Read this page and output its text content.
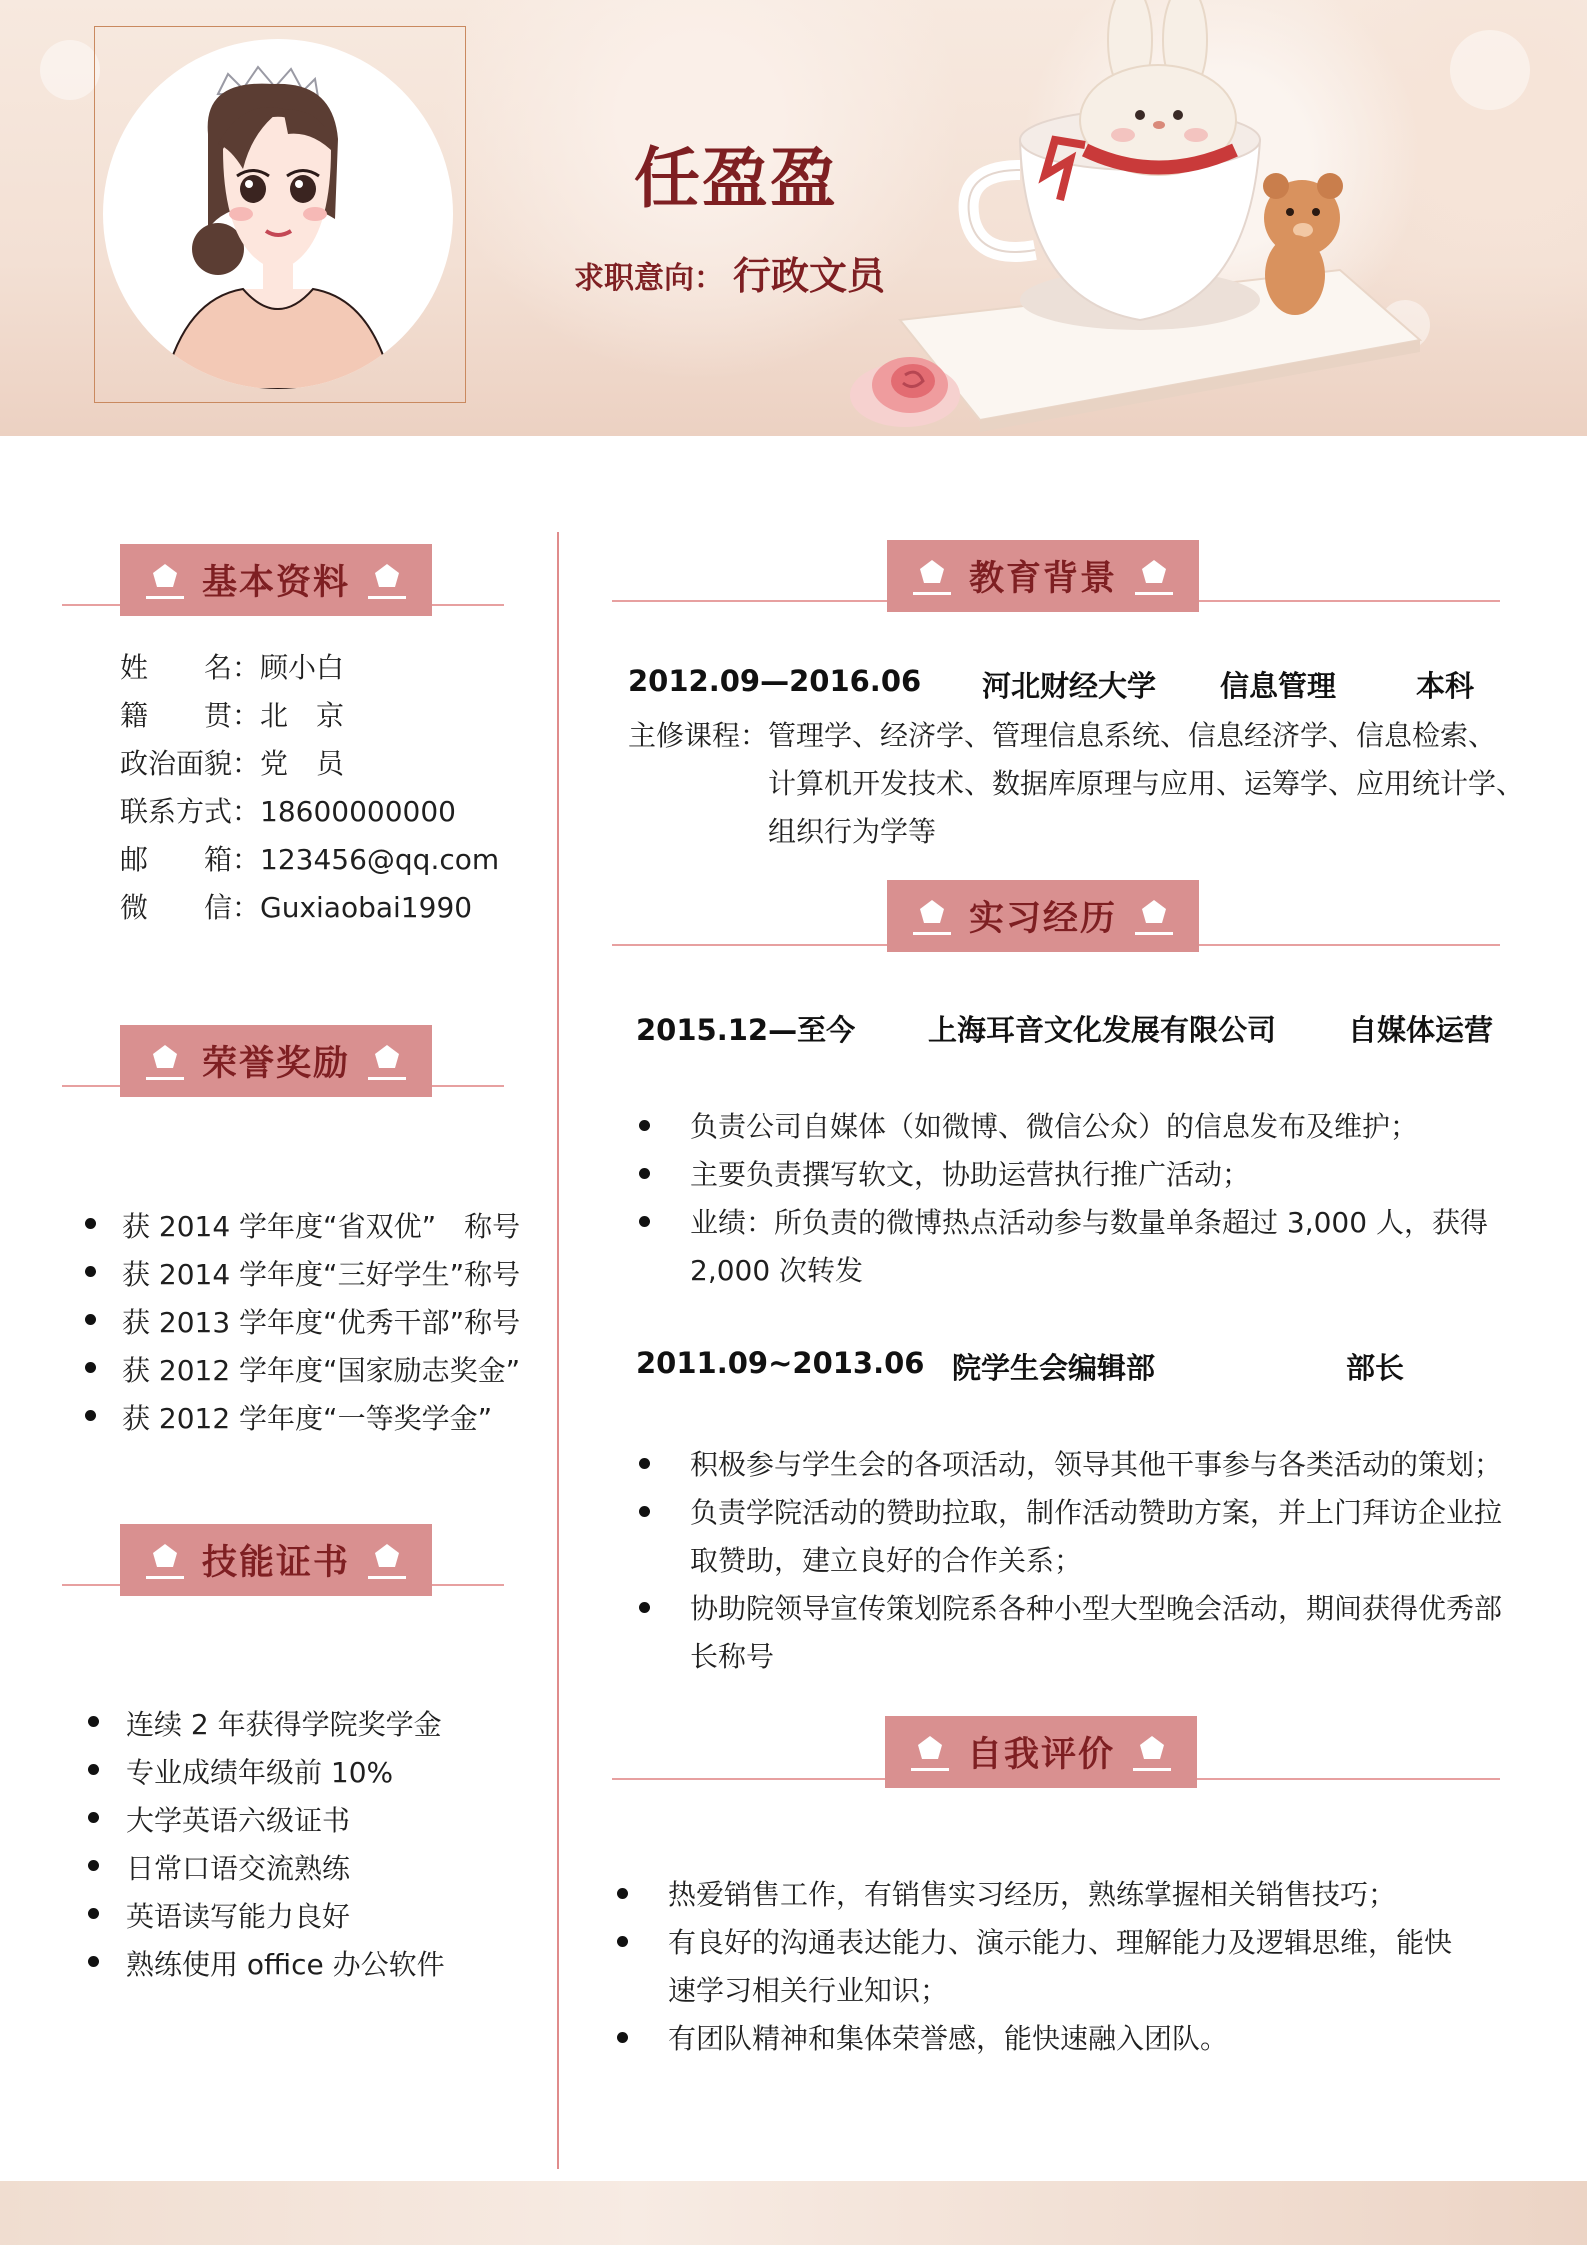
任盈盈
求职意向： 行政文员
基本资料
荣誉奖励
技能证书
教育背景
实习经历
自我评价
姓　　名：顾小白
籍　　贯：北　京
政治面貌：党　员
联系方式：18600000000
邮　　箱：123456@qq.com
微　　信：Guxiaobai1990
获 2014 学年度“省双优”　称号
获 2014 学年度“三好学生”称号
获 2013 学年度“优秀干部”称号
获 2012 学年度“国家励志奖金”
获 2012 学年度“一等奖学金”
连续 2 年获得学院奖学金
专业成绩年级前 10%
大学英语六级证书
日常口语交流熟练
英语读写能力良好
熟练使用 office 办公软件
2012.09—2016.06 河北财经大学 信息管理	本科
主修课程： 管理学、经济学、管理信息系统、信息经济学、信息检索、
计算机开发技术、数据库原理与应用、运筹学、应用统计学、
组织行为学等
2015.12—至今	上海耳音文化发展有限公司 自媒体运营
负责公司自媒体（如微博、微信公众）的信息发布及维护；
主要负责撰写软文，协助运营执行推广活动；
业绩：所负责的微博热点活动参与数量单条超过 3,000 人，获得
2,000 次转发
2011.09~2013.06 院学生会编辑部	部长
积极参与学生会的各项活动，领导其他干事参与各类活动的策划；
负责学院活动的赞助拉取，制作活动赞助方案，并上门拜访企业拉
取赞助，建立良好的合作关系；
协助院领导宣传策划院系各种小型大型晚会活动，期间获得优秀部
长称号
热爱销售工作，有销售实习经历，熟练掌握相关销售技巧；
有良好的沟通表达能力、演示能力、理解能力及逻辑思维，能快
速学习相关行业知识；
有团队精神和集体荣誉感，能快速融入团队。
